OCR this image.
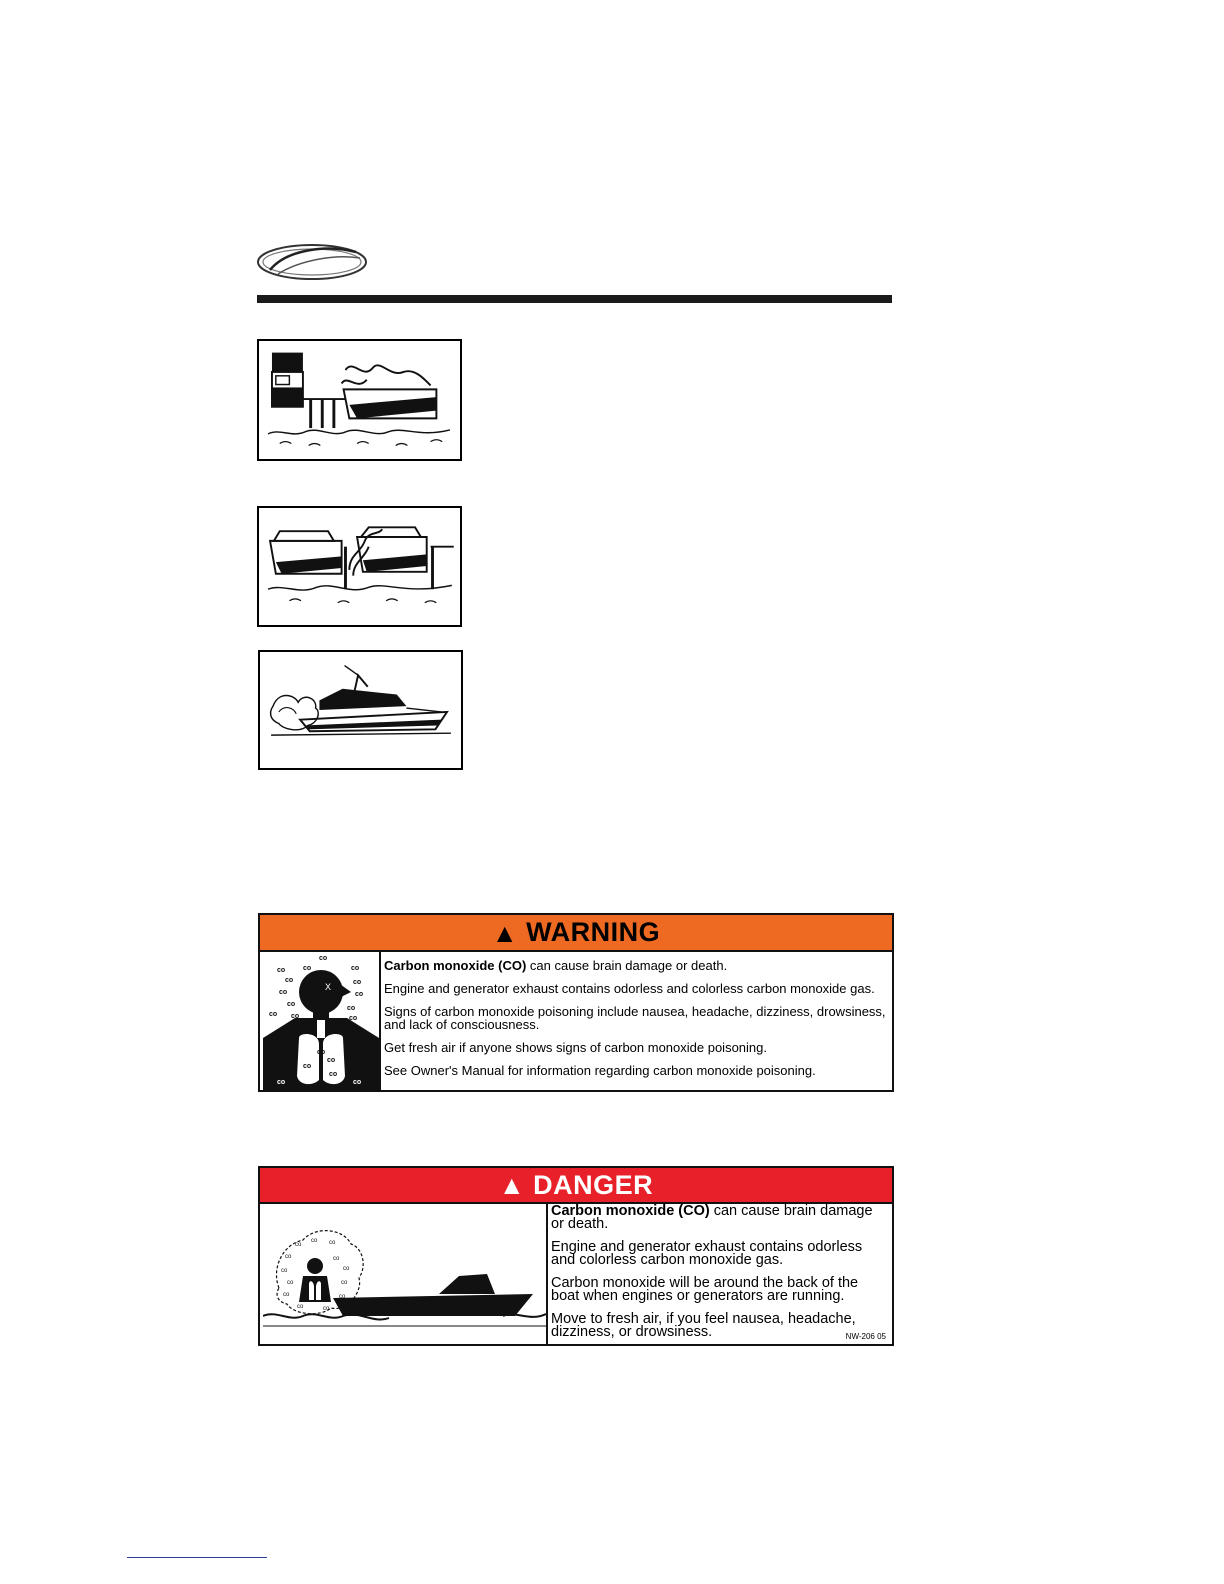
▲ WARNING
X
co
co	co	co
co	co
co	co
co
co co
co
co
co
co
co
co
co
co	co

Carbon monoxide (CO) can cause brain damage or death.

Engine and generator exhaust contains odorless and colorless carbon monoxide gas.

Signs of carbon monoxide poisoning include nausea, headache, dizziness, drowsiness, and lack of consciousness.

Get fresh air if anyone shows signs of carbon monoxide poisoning.

See Owner's Manual for information regarding carbon monoxide poisoning.

▲ DANGER
co
co co
co	co
co
co
co	co
co	co
co	co

Carbon monoxide (CO) can cause brain damage or death.

Engine and generator exhaust contains odorless and colorless carbon monoxide gas.

Carbon monoxide will be around the back of the boat when engines or generators are running.

Move to fresh air, if you feel nausea, headache, dizziness, or drowsiness.	NW-206 05
